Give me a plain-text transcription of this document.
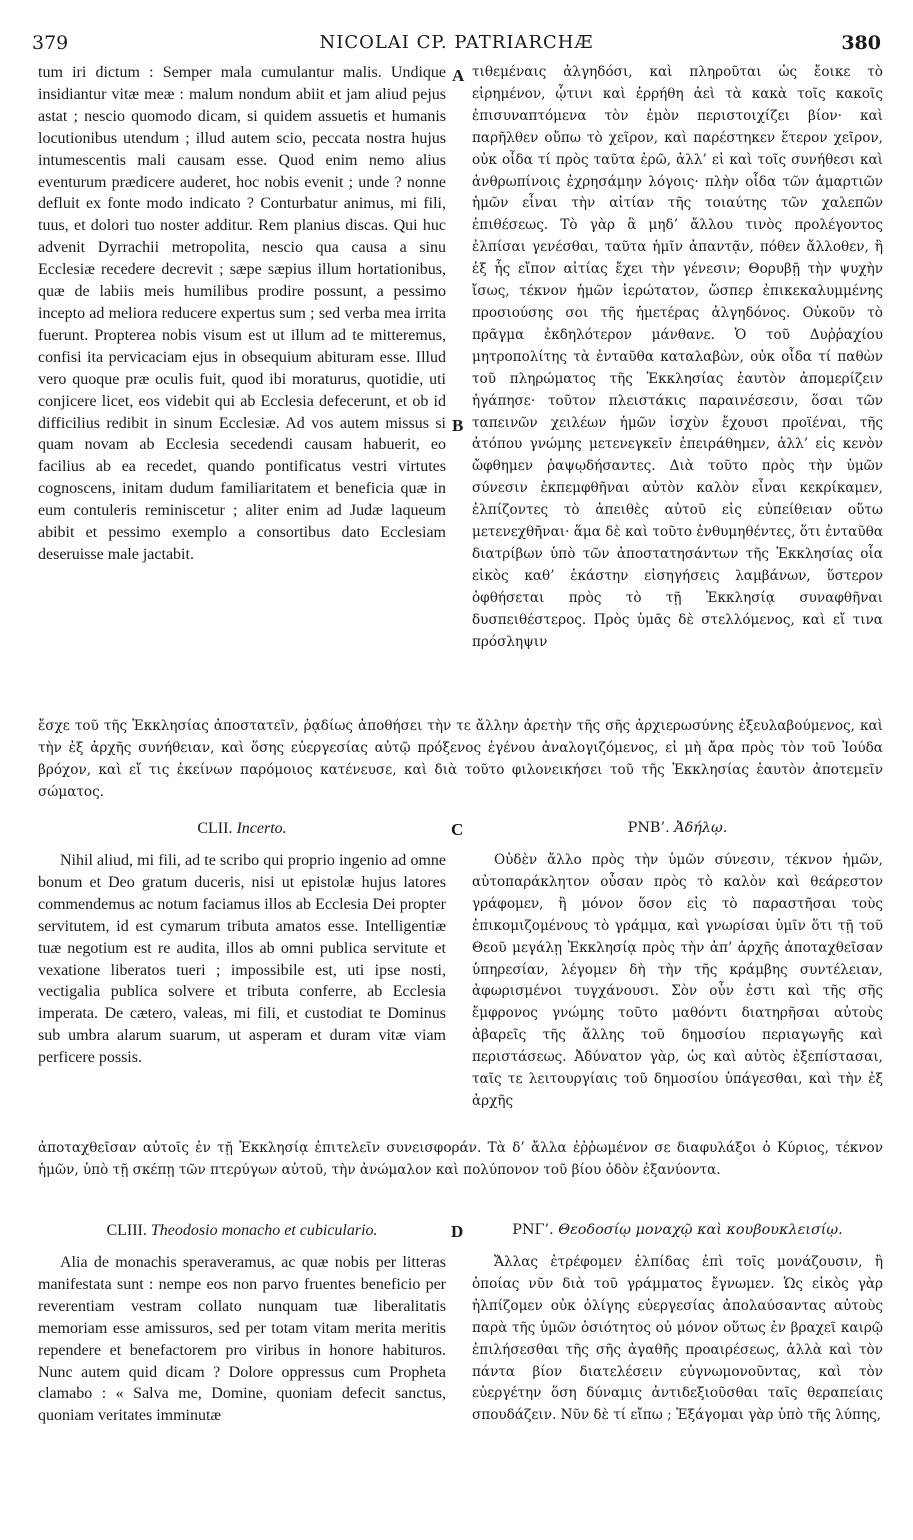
379	NICOLAI CP. PATRIARCHÆ	380

tum iri dictum : Semper mala cumulantur malis. Undique insidiantur vitæ meæ : malum nondum abiit et jam aliud pejus astat ; nescio quomodo dicam, si quidem assuetis et humanis locutionibus utendum ; illud autem scio, peccata nostra hujus intumescentis mali causam esse. Quod enim nemo alius eventurum prædicere auderet, hoc nobis evenit ; unde ? nonne defluit ex fonte modo indicato ? Conturbatur animus, mi fili, tuus, et dolori tuo noster additur. Rem planius discas. Qui huc advenit Dyrrachii metropolita, nescio qua causa a sinu Ecclesiæ recedere decrevit ; sæpe sæpius illum hortationibus, quæ de labiis meis humilibus prodire possunt, a pessimo incepto ad meliora reducere expertus sum ; sed verba mea irrita fuerunt. Propterea nobis visum est ut illum ad te mitteremus, confisi ita pervicaciam ejus in obsequium abituram esse. Illud vero quoque præ oculis fuit, quod ibi moraturus, quotidie, uti conjicere licet, eos videbit qui ab Ecclesia defecerunt, et ob id difficilius redibit in sinum Ecclesiæ. Ad vos autem missus si quam novam ab Ecclesia secedendi causam habuerit, eo facilius ab ea recedet, quando pontificatus vestri virtutes cognoscens, initam dudum familiaritatem et beneficia quæ in eum contuleris reminiscetur ; aliter enim ad Judæ laqueum abibit et pessimo exemplo a consortibus dato Ecclesiam deseruisse male jactabit.

A
B

τιθεμέναις ἀλγηδόσι, καὶ πληροῦται ὡς ἔοικε τὸ εἰρημένον, ᾧτινι καὶ ἐρρήθη ἀεὶ τὰ κακὰ τοῖς κακοῖς ἐπισυναπτόμενα τὸν ἐμὸν περιστοιχίζει βίον· καὶ παρῆλθεν οὔπω τὸ χεῖρον, καὶ παρέστηκεν ἕτερον χεῖρον, οὐκ οἶδα τί πρὸς ταῦτα ἐρῶ, ἀλλ’ εἰ καὶ τοῖς συνήθεσι καὶ ἀνθρωπίνοις ἐχρησάμην λόγοις· πλὴν οἶδα τῶν ἁμαρτιῶν ἡμῶν εἶναι τὴν αἰτίαν τῆς τοιαύτης τῶν χαλεπῶν ἐπιθέσεως. Τὸ γὰρ ἃ μηδ’ ἄλλου τινὸς προλέγοντος ἐλπίσαι γενέσθαι, ταῦτα ἡμῖν ἀπαντᾷν, πόθεν ἄλλοθεν, ἢ ἐξ ἧς εἴπον αἰτίας ἔχει τὴν γένεσιν; Θορυβῇ τὴν ψυχὴν ἴσως, τέκνον ἡμῶν ἱερώτατον, ὥσπερ ἐπικεκαλυμμένης προσιούσης σοι τῆς ἡμετέρας ἀλγηδόνος. Οὐκοῦν τὸ πρᾶγμα ἐκδηλότερον μάνθανε. Ὁ τοῦ Δυῤῥαχίου μητροπολίτης τὰ ἐνταῦθα καταλαβὼν, οὐκ οἶδα τί παθὼν τοῦ πληρώματος τῆς Ἐκκλησίας ἑαυτὸν ἀπομερίζειν ἠγάπησε· τοῦτον πλειστάκις παραινέσεσιν, ὅσαι τῶν ταπεινῶν χειλέων ἡμῶν ἰσχὺν ἔχουσι προϊέναι, τῆς ἀτόπου γνώμης μετενεγκεῖν ἐπειράθημεν, ἀλλ’ εἰς κενὸν ὤφθημεν ῥαψῳδήσαντες. Διὰ τοῦτο πρὸς τὴν ὑμῶν σύνεσιν ἐκπεμφθῆναι αὐτὸν καλὸν εἶναι κεκρίκαμεν, ἐλπίζοντες τὸ ἀπειθὲς αὐτοῦ εἰς εὐπείθειαν οὕτω μετενεχθῆναι· ἅμα δὲ καὶ τοῦτο ἐνθυμηθέντες, ὅτι ἐνταῦθα διατρίβων ὑπὸ τῶν ἀποστατησάντων τῆς Ἐκκλησίας οἷα εἰκὸς καθ’ ἑκάστην εἰσηγήσεις λαμβάνων, ὕστερον ὀφθήσεται πρὸς τὸ τῇ Ἐκκλησίᾳ συναφθῆναι δυσπειθέστερος. Πρὸς ὑμᾶς δὲ στελλόμενος, καὶ εἴ τινα πρόσληψιν

ἔσχε τοῦ τῆς Ἐκκλησίας ἀποστατεῖν, ῥᾳδίως ἀποθήσει τὴν τε ἄλλην ἀρετὴν τῆς σῆς ἀρχιερωσύνης ἐξευλαβούμενος, καὶ τὴν ἐξ ἀρχῆς συνήθειαν, καὶ ὅσης εὐεργεσίας αὐτῷ πρόξενος ἐγένου ἀναλογιζόμενος, εἰ μὴ ἄρα πρὸς τὸν τοῦ Ἰούδα βρόχον, καὶ εἴ τις ἐκείνων παρόμοιος κατένευσε, καὶ διὰ τοῦτο φιλονεικήσει τοῦ τῆς Ἐκκλησίας ἑαυτὸν ἀποτεμεῖν σώματος.

CLII. Incerto.	C	ΡΝΒ’. Ἀδήλῳ.

Nihil aliud, mi fili, ad te scribo qui proprio ingenio ad omne bonum et Deo gratum duceris, nisi ut epistolæ hujus latores commendemus ac notum faciamus illos ab Ecclesia Dei propter servitutem, id est cymarum tributa amatos esse. Intelligentiæ tuæ negotium est re audita, illos ab omni publica servitute et vexatione liberatos tueri ; impossibile est, uti ipse nosti, vectigalia publica solvere et tributa conferre, ab Ecclesia imperata. De cætero, valeas, mi fili, et custodiat te Dominus sub umbra alarum suarum, ut asperam et duram vitæ viam perficere possis.

Οὐδὲν ἄλλο πρὸς τὴν ὑμῶν σύνεσιν, τέκνον ἡμῶν, αὐτοπαράκλητον οὖσαν πρὸς τὸ καλὸν καὶ θεάρεστον γράφομεν, ἢ μόνον ὅσον εἰς τὸ παραστῆσαι τοὺς ἐπικομιζομένους τὸ γράμμα, καὶ γνωρίσαι ὑμῖν ὅτι τῇ τοῦ Θεοῦ μεγάλῃ Ἐκκλησίᾳ πρὸς τὴν ἀπ’ ἀρχῆς ἀποταχθεῖσαν ὑπηρεσίαν, λέγομεν δὴ τὴν τῆς κράμβης συντέλειαν, ἀφωρισμένοι τυγχάνουσι. Σὸν οὖν ἐστι καὶ τῆς σῆς ἔμφρονος γνώμης τοῦτο μαθόντι διατηρῆσαι αὐτοὺς ἀβαρεῖς τῆς ἄλλης τοῦ δημοσίου περιαγωγῆς καὶ περιστάσεως. Ἀδύνατον γὰρ, ὡς καὶ αὐτὸς ἐξεπίστασαι, ταῖς τε λειτουργίαις τοῦ δημοσίου ὑπάγεσθαι, καὶ τὴν ἐξ ἀρχῆς

ἀποταχθεῖσαν αὐτοῖς ἐν τῇ Ἐκκλησίᾳ ἐπιτελεῖν συνεισφοράν. Τὰ δ’ ἄλλα ἐῤῥωμένον σε διαφυλάξοι ὁ Κύριος, τέκνον ἡμῶν, ὑπὸ τῇ σκέπῃ τῶν πτερύγων αὐτοῦ, τὴν ἀνώμαλον καὶ πολύπονον τοῦ βίου ὁδὸν ἐξανύοντα.

CLIII. Theodosio monacho et cubiculario.	D	ΡΝΓ’. Θεοδοσίῳ μοναχῷ καὶ κουβουκλεισίῳ.

Alia de monachis speraveramus, ac quæ nobis per litteras manifestata sunt : nempe eos non parvo fruentes beneficio per reverentiam vestram collato nunquam tuæ liberalitatis memoriam esse amissuros, sed per totam vitam merita meritis rependere et benefactorem pro viribus in honore habituros. Nunc autem quid dicam ? Dolore oppressus cum Propheta clamabo : « Salva me, Domine, quoniam defecit sanctus, quoniam veritates imminutæ

Ἄλλας ἐτρέφομεν ἐλπίδας ἐπὶ τοῖς μονάζουσιν, ἢ ὁποίας νῦν διὰ τοῦ γράμματος ἔγνωμεν. Ὡς εἰκὸς γὰρ ἠλπίζομεν οὐκ ὀλίγης εὐεργεσίας ἀπολαύσαντας αὐτοὺς παρὰ τῆς ὑμῶν ὁσιότητος οὐ μόνον οὕτως ἐν βραχεῖ καιρῷ ἐπιλήσεσθαι τῆς σῆς ἀγαθῆς προαιρέσεως, ἀλλὰ καὶ τὸν πάντα βίον διατελέσειν εὐγνωμονοῦντας, καὶ τὸν εὐεργέτην ὅση δύναμις ἀντιδεξιοῦσθαι ταῖς θεραπείαις σπουδάζειν. Νῦν δὲ τί εἴπω ; Ἐξάγομαι γὰρ ὑπὸ τῆς λύπης,
